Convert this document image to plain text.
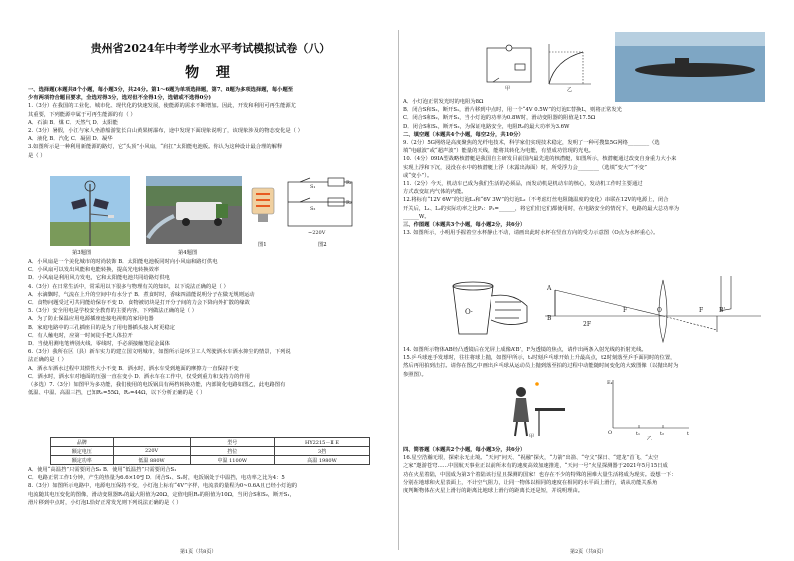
贵州省2024年中考学业水平考试模拟试卷（八）
物 理
一、选择题(本题共8个小题，每小题3分，共24分。第1～6题为单项选择题，第7、8题为多项选择题，每小题至
少有两项符合题目要求，全选对得3分，选对但不全得1分，选错或不选得0分)
1.（3分）在我国的工业化、城市化、现代化的快速发展，使能源的需求不断增加。因此，开发和利用可再生能源尤
其重要，下列能源中属于可再生能源的有（ ）
A．石油 B．煤 C．天然气 D．太阳能
2.（3分）暑假，小江与家人坐游船游览长白山黄果树瀑布，途中发现下面现象说明了，该现象涉及的物态变化是（ ）
A．液化 B．汽化 C．凝固 D．凝华
3.如图所示是一种利用新能源的路灯，它“头顶”小风扇，“肩扛”太阳能电池板。你认为这种设计最合理的解释
是（ ）
S₁
S₂
R₁
R₂
~220V
第3题图	第4题图
图1	图2
A．小风扇是一个美化城市的时尚装饰 B．太阳能电池板同时向小风扇和路灯供电
C．小风扇可以发出风能和电能转换，提高光电转换效率
D．小风扇是利用风力发电，它和太阳能电池共同给路灯供电
4.（3分）在日常生活中，常采用以下很多与物理有关的知识，以下说法正确的是（ ）
A．水滴飘时，气流在上升的空间中有水分子 B．煮食时时，香味四溢能说明分子在做无规则运动
C．食物问题受过可共同能给保存不变 D．食物被切块是打开分子间的力会下降向外扩散的缘故
5.（3分）安全用电是学校安全教育的主要内容，下列做法正确的是（ ）
A．为了防止保温应用电源插座连接电视机的家用电器
B．家庭电路中的三孔插座目的是为了用电器插头接入时更稳定
C．有人触电时，应第一时间徒手把人体拉开
D．当使用测电笔辨别火线、零线时，手必须接触笔尾金属体
6.（3分）我所在区（县）新车实力的建立国文明城市，如图所示是环卫工人驾驶洒水车洒水抑尘的情景，下列说
法正确的是（ ）
A．洒水车洒水过程中其惯性大小不变 B．洒水时，洒水车受到地面的摩擦力一直保持不变
C．洒水时，洒水车对地面的压强一直在变小 D．洒水车在工作中，仅受到重力和支持力的作用
（多选）7.（3分）如图甲为多功能，我们使用的电饭锅具有两档转换功能，内部简化电路如图乙，此电路图有
低温、中温、高温三挡，已知R₁=55Ω，R₂=44Ω，以下分析正确的是（ ）
品牌		型号	HY2215－Ⅱ E
额定电压	220V	挡位	3挡
额定功率	低温 880W	中温 1100W	高温 1980W
A．使用“高温挡”只需要闭合S₂ B．使用“低温挡”只需要闭合S₁
C．电路正常工作1分钟，产生的热量为6.6×10⁴J D．闭合S₁、S₂时，电饭锅处于中温挡，电功率之比为4：5
8.（3分）如图所示电路中，电源电压保持不变，小灯泡上标有“4V”字样，电流表的量程为0~0.6A且已经小灯泡的
电流随其电压变化的图像，滑动变阻器R₁的最大阻值为20Ω，定值电阻R₂的阻值为10Ω，当闭合S和S₂，断开S₁，
滑片移到中点时，小灯泡L恰好正常发光则下列说法正确的是（ ）
甲	乙
A．小灯泡正常发光时的电阻为8Ω
B．闭合S和S₂，断开S₁，滑片移到中点时，用一个“4V 0.5W”的灯泡L’替换L，则将正常发光
C．闭合S和S₂，断开S₁，当小灯泡的功率为0.8W时，滑动变阻器的阻值是17.5Ω
D．闭合S和S₁，断开S₂，为保证电路安全，电阻R₂的最大功率为3.6W
二、填空题（本题共4个小题，每空2分，共10分）
9.（2分）5G网络是高度聚焦的光纤电技术，科学家们实现技术稳定，发明了一种可搜集5G网络________（选
填“电磁波”或“超声波”）能量的天线，能将其转化为电能，有望成功管现的光电。
10.（4分）09IA型战略核潜艇是我国自主研发目前国内最先进的核潜艇，如图所示，核潜艇通过改变自身重力大小来
实现上浮和下沉，浸没在水中的核潜艇上浮（未露出海面）时，所受浮力会________（选填“变大”“不变”
或“变小”）。
11.（2分）今天，机动车已成为我们生活的必须品，而发动机是机动车的核心，发动机工作时主要通过
方式改变缸内气体的内能。
12.将标有“12V 6W”的灯泡L₁和“6V 3W”的灯泡L₂（不考虑灯丝电阻随温度的变化）串联在12V的电源上，闭合
开关后，L₁、L₂的实际功率之比P₁：P₂=______，将它们们它们都使用时，在电路安全的情况下，电路的最大总功率为
______W。
三、作图题（本题共3个小题，每小题2分，共6分）
13. 如图所示，小明用手握着空水杯静止不动，请画出此时水杯在竖直方向的受力示意图（O点为水杯重心）。
O·
A
B
F	O
2F
F	B'
14. 如图所示物体AB经凸透镜后在光屏上成像A’B’，F为透镜的焦点，请作出两条入射光线的折射光线。
15.乒乓球连手发球时，往往将球上抛，如图甲所示，t₁时刻乒乓球开始上升最高点，t2时刻落至乒手面同时的位置，
然后再用拍到击打。请你在图乙中画出乒乓球从运动员上抛到落至拍的过程中动能随时间变化的大致图像（以抛出时为
参照图）。
甲
Eₖ
O	t₁	t₂	t
乙
四、简答题（本题共2个小题，每小题3分，共6分）
16.星空浩瀚无垠，探索永无止境。“天问”问天、“祝融”探火，“力箭”出箭、“夸父”探日、“建龙”首飞、“太空
之家”遨游苍穹……中国航天事业正以前所未有的速度高效加速推进，“天问一号”火星探测器于2021年5月15日成
功在火星着陆，中国成为第3个着陆该行星且探测的国家！也存在不少的特殊的困难大量生活将成为现实。设想一下：
分别在地球和火星表面上，不计空气阻力，让同一物体以相同的速度在相同的水平面上滑行，请从功能关系角
度判断物体在火星上滑行的距离比地球上滑行的距离长还是短，并说明理由。
第1页（共8页）	第2页（共8页）
